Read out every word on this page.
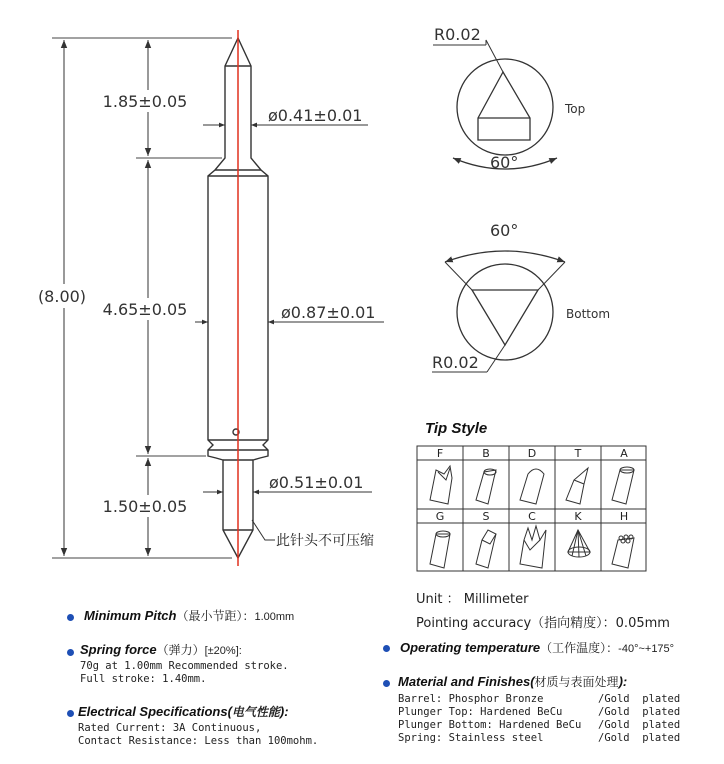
(8.00)
1.85±0.05
4.65±0.05
1.50±0.05
ø0.41±0.01
ø0.87±0.01
ø0.51±0.01
此针头不可压缩
R0.02
60°
Top
R0.02
60°
Bottom
F	B	D	T	A
G	S	C	K	H
Tip Style
Unit ： Millimeter
Pointing accuracy（指向精度）：0.05mm
Minimum Pitch（最小节距）：1.00mm
Spring force（弹力）[±20%]:
70g at 1.00mm Recommended stroke.
Full stroke: 1.40mm.
Electrical Specifications(电气性能):
Rated Current: 3A Continuous,
Contact Resistance: Less than 100mohm.
Operating temperature（工作温度）：-40°~+175°
Material and Finishes(材质与表面处理):
Barrel: Phosphor Bronze	/Gold  plated
Plunger Top: Hardened BeCu	/Gold  plated
Plunger Bottom: Hardened BeCu	/Gold  plated
Spring: Stainless steel	/Gold  plated
